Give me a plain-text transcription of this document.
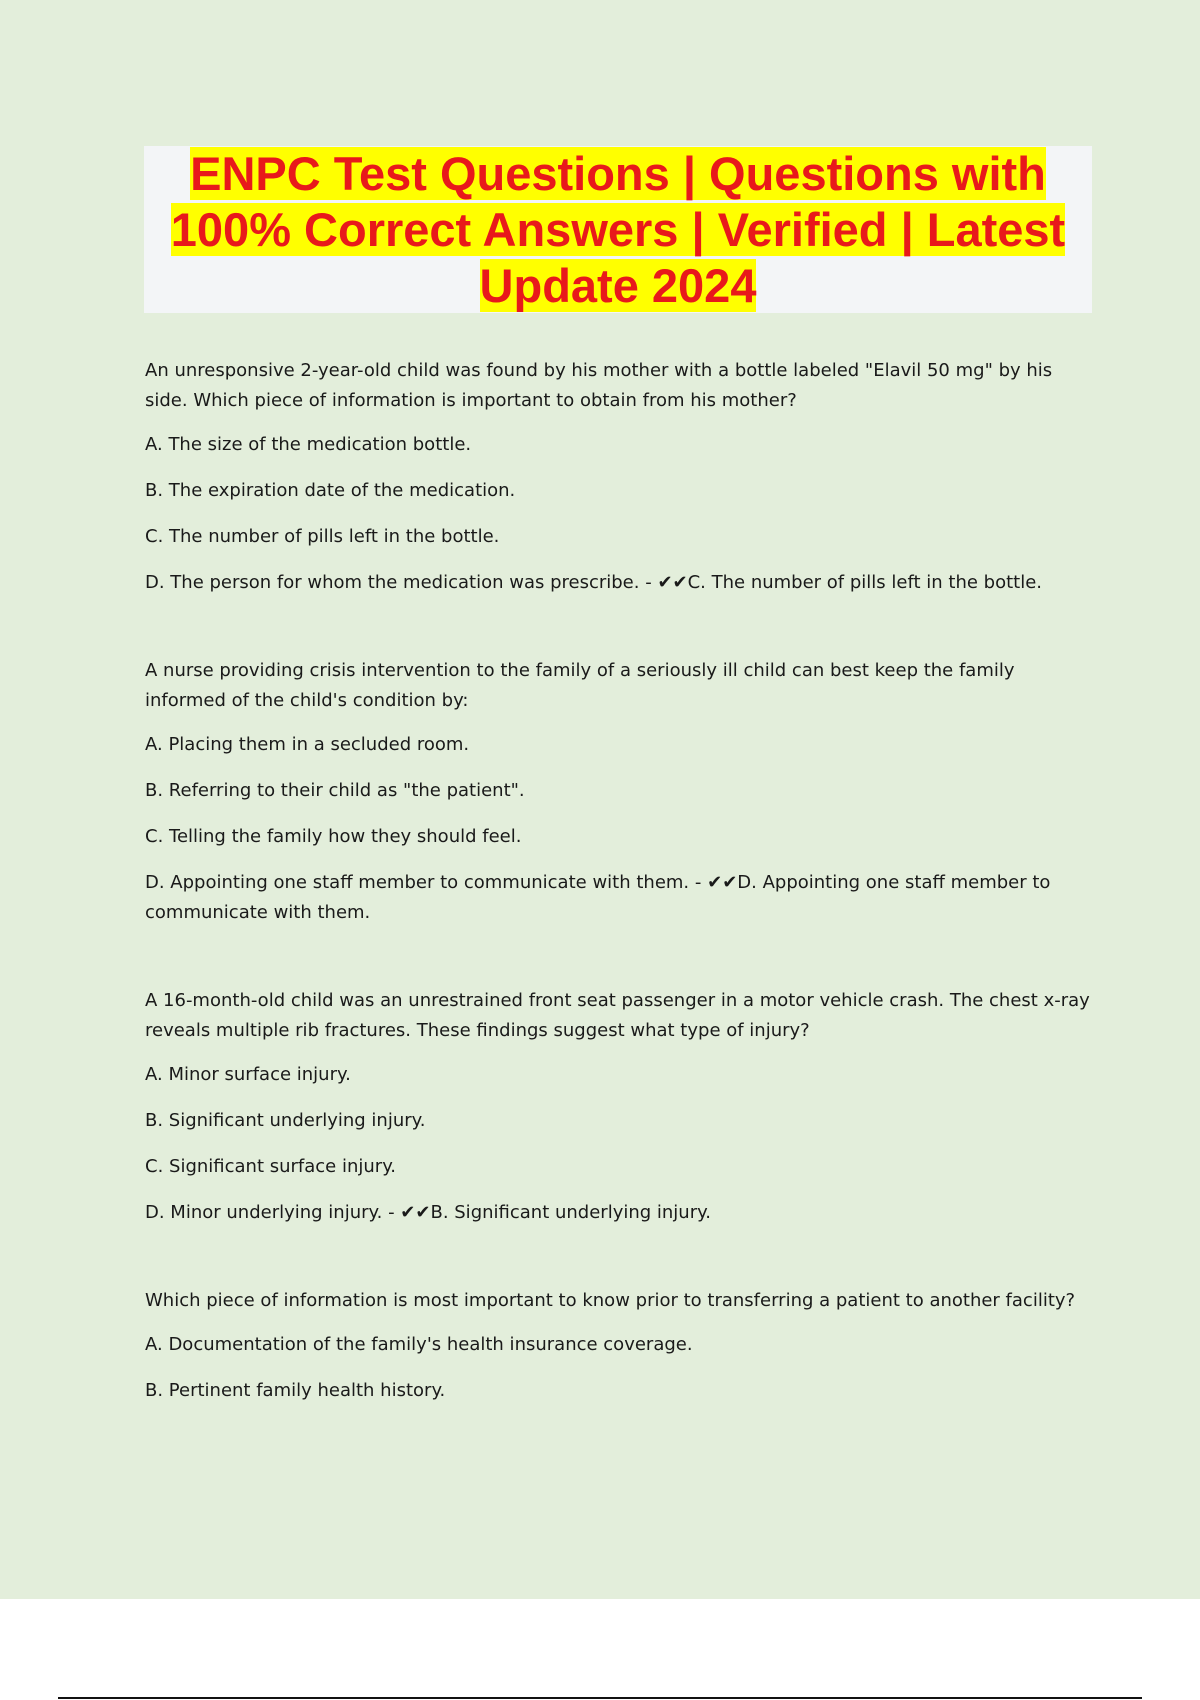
ENPC Test Questions | Questions with
100% Correct Answers | Verified | Latest
Update 2024

An unresponsive 2-year-old child was found by his mother with a bottle labeled "Elavil 50 mg" by his side. Which piece of information is important to obtain from his mother?

A. The size of the medication bottle.

B. The expiration date of the medication.

C. The number of pills left in the bottle.

D. The person for whom the medication was prescribe. - ✔✔C. The number of pills left in the bottle.

A nurse providing crisis intervention to the family of a seriously ill child can best keep the family informed of the child's condition by:

A. Placing them in a secluded room.

B. Referring to their child as "the patient".

C. Telling the family how they should feel.

D. Appointing one staff member to communicate with them. - ✔✔D. Appointing one staff member to communicate with them.

A 16-month-old child was an unrestrained front seat passenger in a motor vehicle crash. The chest x-ray reveals multiple rib fractures. These findings suggest what type of injury?

A. Minor surface injury.

B. Significant underlying injury.

C. Significant surface injury.

D. Minor underlying injury. - ✔✔B. Significant underlying injury.

Which piece of information is most important to know prior to transferring a patient to another facility?

A. Documentation of the family's health insurance coverage.

B. Pertinent family health history.
